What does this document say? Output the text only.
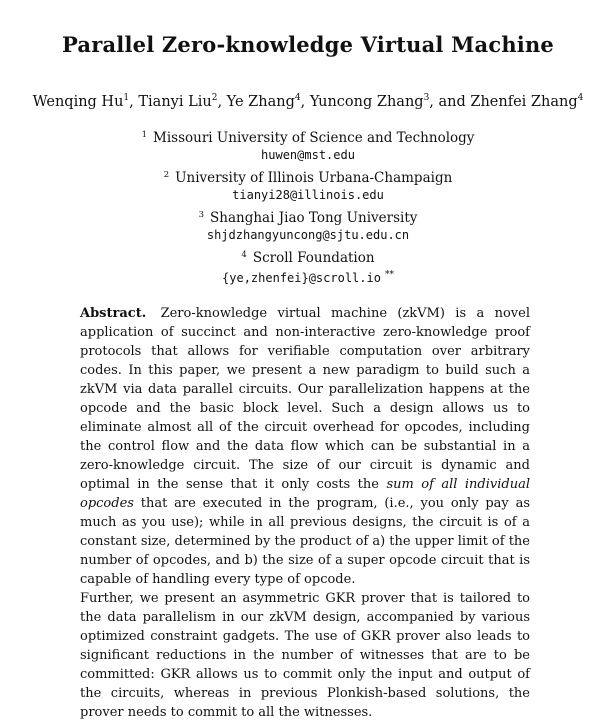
Parallel Zero-knowledge Virtual Machine
Wenqing Hu$^1$, Tianyi Liu$^2$, Ye Zhang$^4$, Yuncong Zhang$^3$, and Zhenfei Zhang$^4$
$^1$ Missouri University of Science and Technology
huwen@mst.edu
$^2$ University of Illinois Urbana-Champaign
tianyi28@illinois.edu
$^3$ Shanghai Jiao Tong University
shjdzhangyuncong@sjtu.edu.cn
$^4$ Scroll Foundation
{ye,zhenfei}@scroll.io **

Abstract. Zero-knowledge virtual machine (zkVM) is a novel application of succinct and non-interactive zero-knowledge proof protocols that allows for verifiable computation over arbitrary codes. In this paper, we present a new paradigm to build such a zkVM via data parallel circuits. Our parallelization happens at the opcode and the basic block level. Such a design allows us to eliminate almost all of the circuit overhead for opcodes, including the control flow and the data flow which can be substantial in a zero-knowledge circuit. The size of our circuit is dynamic and optimal in the sense that it only costs the sum of all individual opcodes that are executed in the program, (i.e., you only pay as much as you use); while in all previous designs, the circuit is of a constant size, determined by the product of a) the upper limit of the number of opcodes, and b) the size of a super opcode circuit that is capable of handling every type of opcode.

Further, we present an asymmetric GKR prover that is tailored to the data parallelism in our zkVM design, accompanied by various optimized constraint gadgets. The use of GKR prover also leads to significant reductions in the number of witnesses that are to be committed: GKR allows us to commit only the input and output of the circuits, whereas in previous Plonkish-based solutions, the prover needs to commit to all the witnesses.
